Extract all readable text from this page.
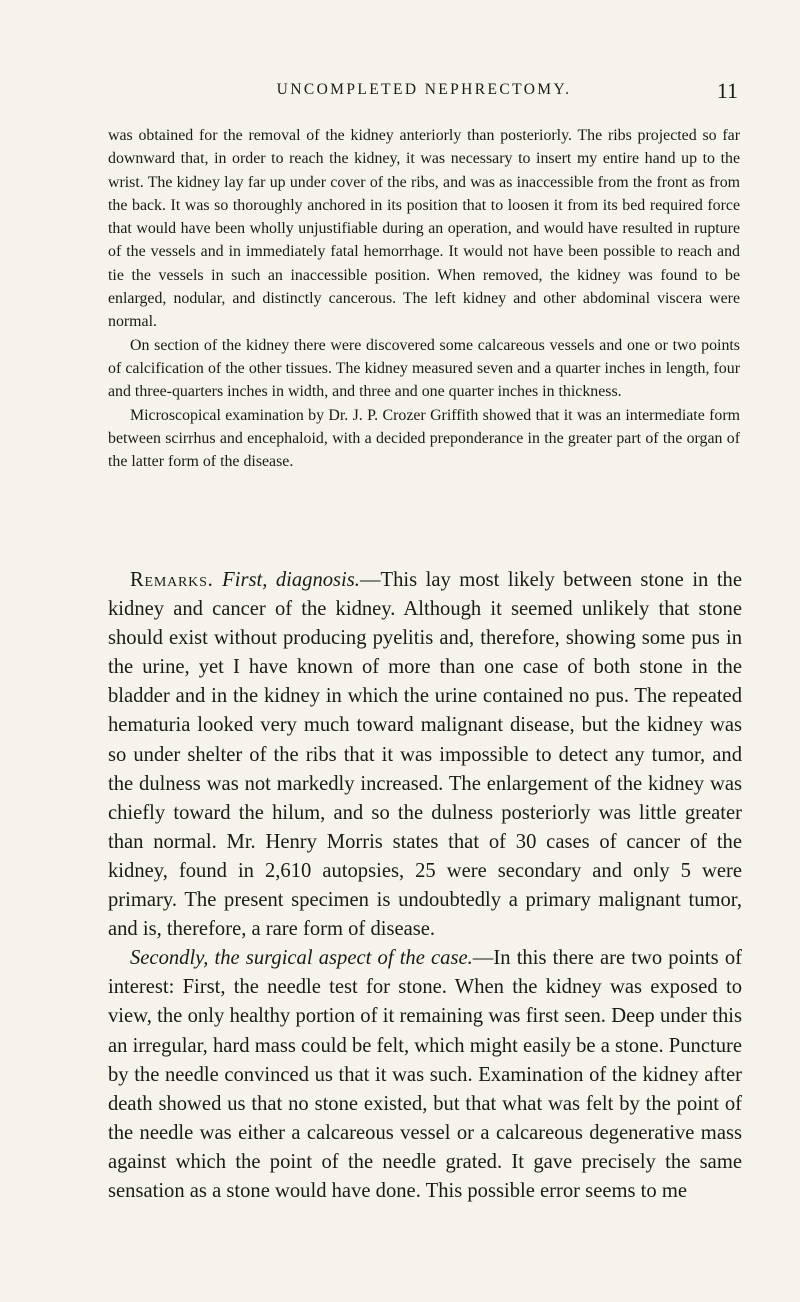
UNCOMPLETED NEPHRECTOMY.	11

was obtained for the removal of the kidney anteriorly than posteriorly. The ribs projected so far downward that, in order to reach the kidney, it was necessary to insert my entire hand up to the wrist. The kidney lay far up under cover of the ribs, and was as inaccessible from the front as from the back. It was so thoroughly anchored in its position that to loosen it from its bed required force that would have been wholly unjustifiable during an operation, and would have resulted in rupture of the vessels and in immediately fatal hemorrhage. It would not have been possible to reach and tie the vessels in such an inaccessible position. When removed, the kidney was found to be enlarged, nodular, and distinctly cancerous. The left kidney and other abdominal viscera were normal.

On section of the kidney there were discovered some calcareous vessels and one or two points of calcification of the other tissues. The kidney measured seven and a quarter inches in length, four and three-quarters inches in width, and three and one quarter inches in thickness.

Microscopical examination by Dr. J. P. Crozer Griffith showed that it was an intermediate form between scirrhus and encephaloid, with a decided preponderance in the greater part of the organ of the latter form of the disease.

Remarks. First, diagnosis.—This lay most likely between stone in the kidney and cancer of the kidney. Although it seemed unlikely that stone should exist without producing pyelitis and, therefore, showing some pus in the urine, yet I have known of more than one case of both stone in the bladder and in the kidney in which the urine contained no pus. The repeated hematuria looked very much toward malignant disease, but the kidney was so under shelter of the ribs that it was impossible to detect any tumor, and the dulness was not markedly increased. The enlargement of the kidney was chiefly toward the hilum, and so the dulness posteriorly was little greater than normal. Mr. Henry Morris states that of 30 cases of cancer of the kidney, found in 2,610 autopsies, 25 were secondary and only 5 were primary. The present specimen is undoubtedly a primary malignant tumor, and is, therefore, a rare form of disease.

Secondly, the surgical aspect of the case.—In this there are two points of interest: First, the needle test for stone. When the kidney was exposed to view, the only healthy portion of it remaining was first seen. Deep under this an irregular, hard mass could be felt, which might easily be a stone. Puncture by the needle convinced us that it was such. Examination of the kidney after death showed us that no stone existed, but that what was felt by the point of the needle was either a calcareous vessel or a calcareous degenerative mass against which the point of the needle grated. It gave precisely the same sensation as a stone would have done. This possible error seems to me
